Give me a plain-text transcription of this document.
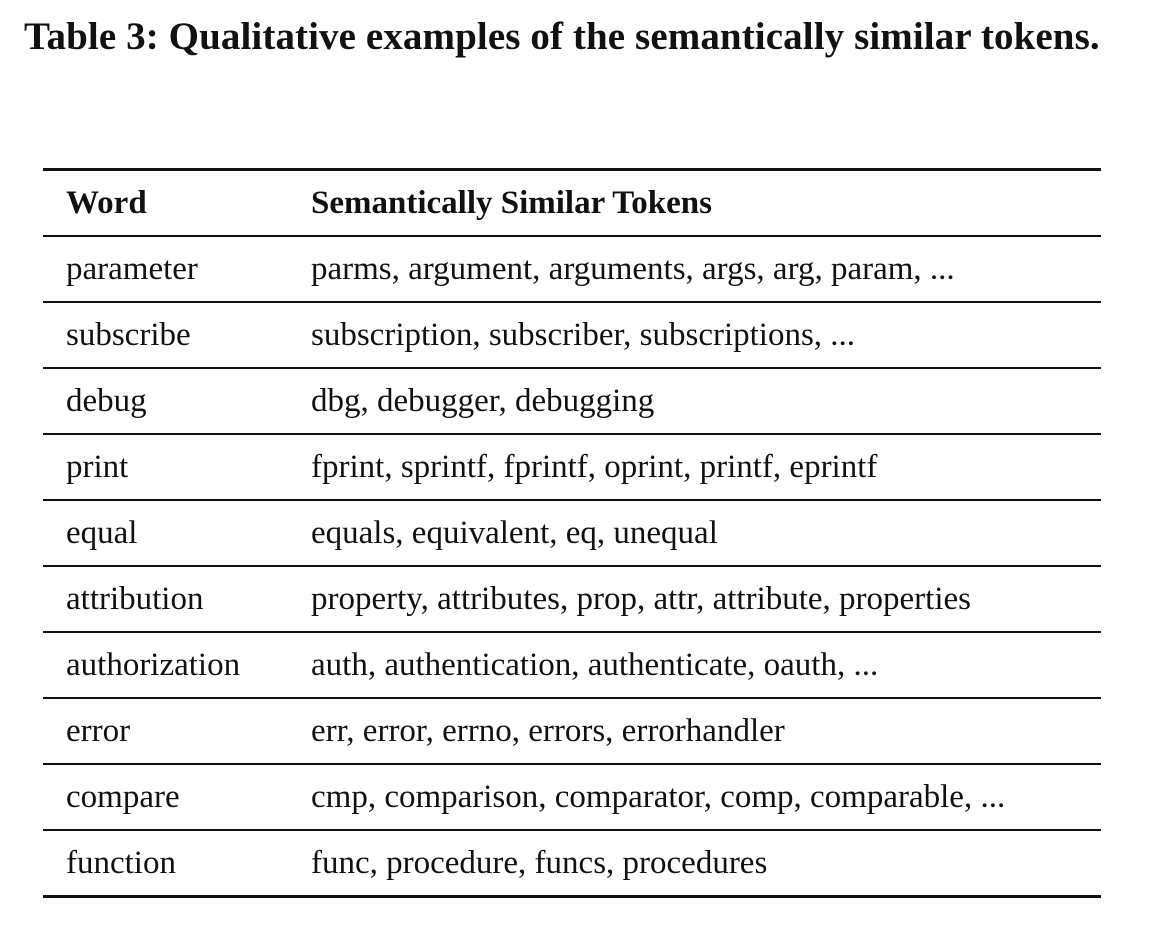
Table 3: Qualitative examples of the semantically similar tokens.
Word	Semantically Similar Tokens
parameter	parms, argument, arguments, args, arg, param, ...
subscribe	subscription, subscriber, subscriptions, ...
debug	dbg, debugger, debugging
print	fprint, sprintf, fprintf, oprint, printf, eprintf
equal	equals, equivalent, eq, unequal
attribution	property, attributes, prop, attr, attribute, properties
authorization	auth, authentication, authenticate, oauth, ...
error	err, error, errno, errors, errorhandler
compare	cmp, comparison, comparator, comp, comparable, ...
function	func, procedure, funcs, procedures
